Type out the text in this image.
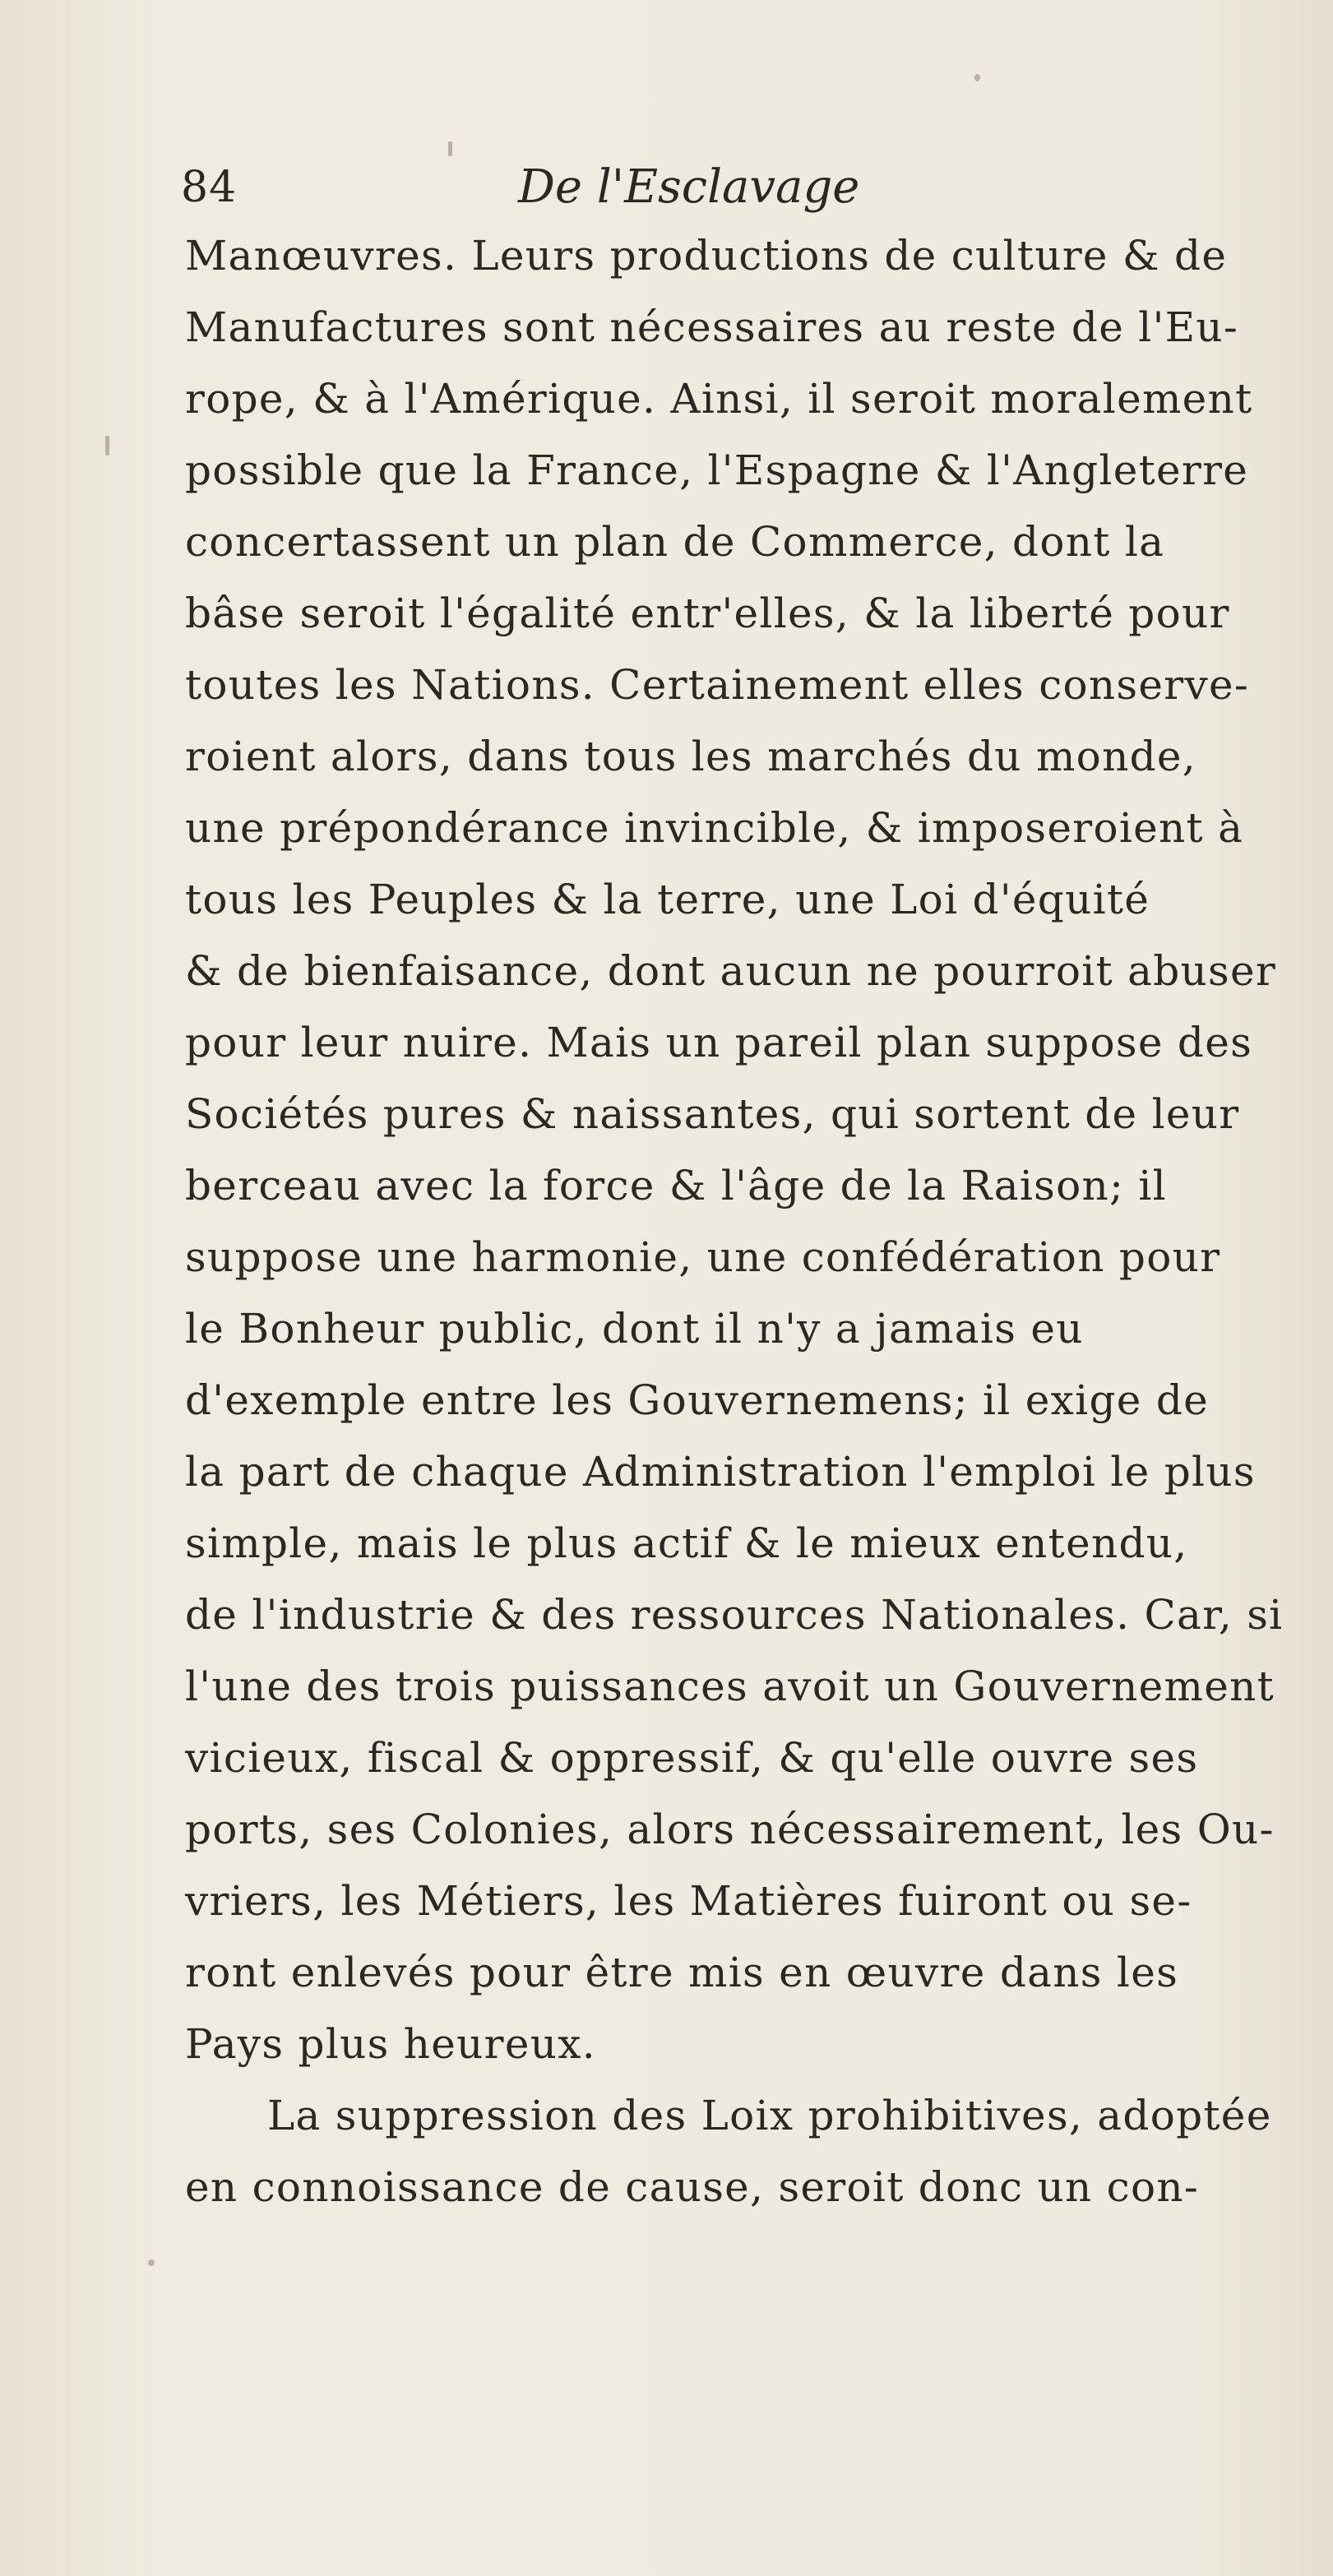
84	De l'Esclavage
Manœuvres. Leurs productions de culture & de
Manufactures sont nécessaires au reste de l'Eu-
rope, & à l'Amérique. Ainsi, il seroit moralement
possible que la France, l'Espagne & l'Angleterre
concertassent un plan de Commerce, dont la
bâse seroit l'égalité entr'elles, & la liberté pour
toutes les Nations. Certainement elles conserve-
roient alors, dans tous les marchés du monde,
une prépondérance invincible, & imposeroient à
tous les Peuples & la terre, une Loi d'équité
& de bienfaisance, dont aucun ne pourroit abuser
pour leur nuire. Mais un pareil plan suppose des
Sociétés pures & naissantes, qui sortent de leur
berceau avec la force & l'âge de la Raison; il
suppose une harmonie, une confédération pour
le Bonheur public, dont il n'y a jamais eu
d'exemple entre les Gouvernemens; il exige de
la part de chaque Administration l'emploi le plus
simple, mais le plus actif & le mieux entendu,
de l'industrie & des ressources Nationales. Car, si
l'une des trois puissances avoit un Gouvernement
vicieux, fiscal & oppressif, & qu'elle ouvre ses
ports, ses Colonies, alors nécessairement, les Ou-
vriers, les Métiers, les Matières fuiront ou se-
ront enlevés pour être mis en œuvre dans les
Pays plus heureux.
La suppression des Loix prohibitives, adoptée
en connoissance de cause, seroit donc un con-
